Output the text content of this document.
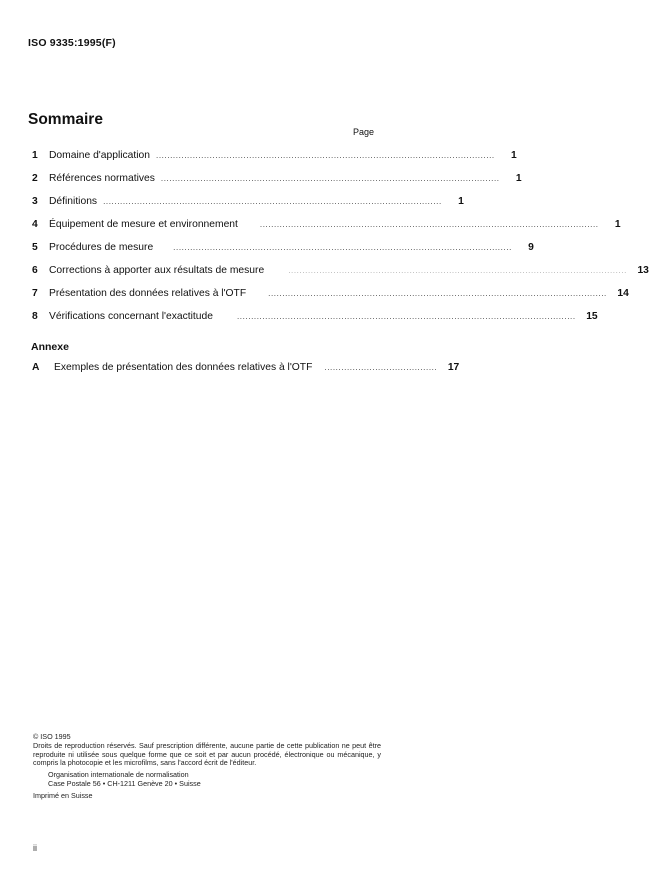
ISO 9335:1995(F)
Sommaire
Page
1	Domaine d'application ........................................................................................................................	1
2	Références normatives ........................................................................................................................	1
3	Définitions ........................................................................................................................	1
4	Équipement de mesure et environnement	........................................................................................................................	1
5	Procédures de mesure	........................................................................................................................	9
6	Corrections à apporter aux résultats de mesure	........................................................................................................................	13
7	Présentation des données relatives à l'OTF	........................................................................................................................	14
8	Vérifications concernant l'exactitude	........................................................................................................................	15
Annexe
A	Exemples de présentation des données relatives à l'OTF ........................................	17

© ISO 1995

Droits de reproduction réservés. Sauf prescription différente, aucune partie de cette publication ne peut être reproduite ni utilisée sous quelque forme que ce soit et par aucun procédé, électronique ou mécanique, y compris la photocopie et les microfilms, sans l'accord écrit de l'éditeur.

Organisation internationale de normalisation

Case Postale 56 • CH-1211 Genève 20 • Suisse

Imprimé en Suisse

ii
